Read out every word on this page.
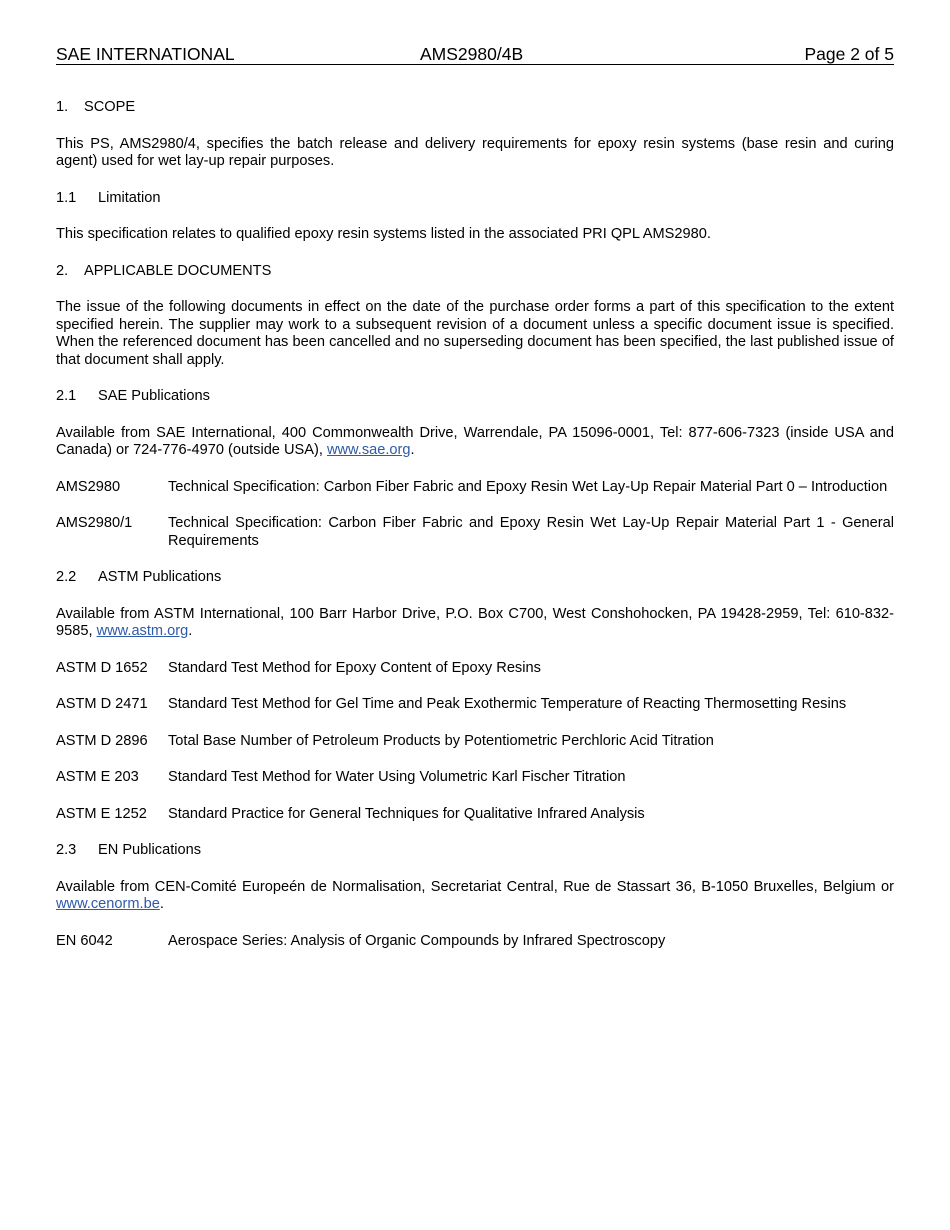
SAE INTERNATIONAL	AMS2980/4B	Page 2 of 5
1. SCOPE

This PS, AMS2980/4, specifies the batch release and delivery requirements for epoxy resin systems (base resin and curing agent) used for wet lay-up repair purposes.

1.1 Limitation

This specification relates to qualified epoxy resin systems listed in the associated PRI QPL AMS2980.

2. APPLICABLE DOCUMENTS

The issue of the following documents in effect on the date of the purchase order forms a part of this specification to the extent specified herein. The supplier may work to a subsequent revision of a document unless a specific document issue is specified. When the referenced document has been cancelled and no superseding document has been specified, the last published issue of that document shall apply.

2.1 SAE Publications

Available from SAE International, 400 Commonwealth Drive, Warrendale, PA 15096-0001, Tel: 877-606-7323 (inside USA and Canada) or 724-776-4970 (outside USA), www.sae.org.

AMS2980	Technical Specification: Carbon Fiber Fabric and Epoxy Resin Wet Lay-Up Repair Material Part 0 – Introduction
AMS2980/1	Technical Specification: Carbon Fiber Fabric and Epoxy Resin Wet Lay-Up Repair Material Part 1 - General Requirements
2.2 ASTM Publications

Available from ASTM International, 100 Barr Harbor Drive, P.O. Box C700, West Conshohocken, PA 19428-2959, Tel: 610-832-9585, www.astm.org.

ASTM D 1652	Standard Test Method for Epoxy Content of Epoxy Resins
ASTM D 2471	Standard Test Method for Gel Time and Peak Exothermic Temperature of Reacting Thermosetting Resins
ASTM D 2896	Total Base Number of Petroleum Products by Potentiometric Perchloric Acid Titration
ASTM E 203	Standard Test Method for Water Using Volumetric Karl Fischer Titration
ASTM E 1252	Standard Practice for General Techniques for Qualitative Infrared Analysis
2.3 EN Publications

Available from CEN-Comité Europeén de Normalisation, Secretariat Central, Rue de Stassart 36, B-1050 Bruxelles, Belgium or www.cenorm.be.

EN 6042	Aerospace Series: Analysis of Organic Compounds by Infrared Spectroscopy
